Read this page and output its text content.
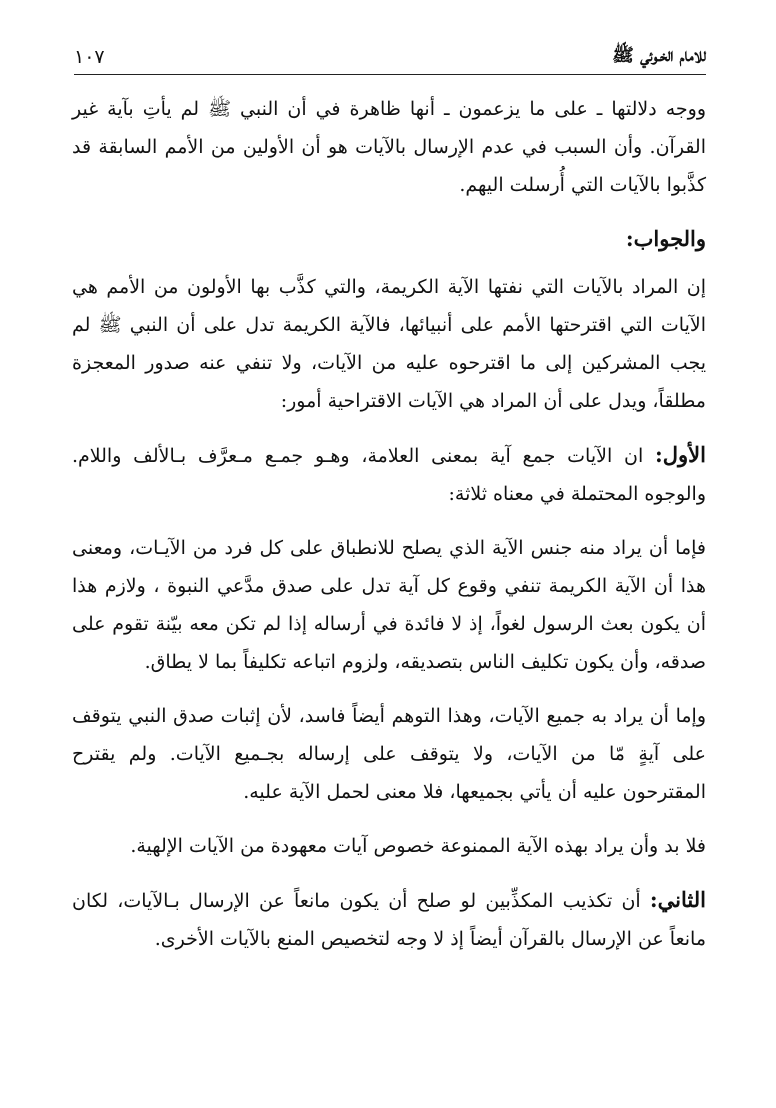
للامام الخـوئي ﷺ
١٠٧

ووجه دلالتها ـ على ما يزعمون ـ أنها ظاهرة في أن النبي ﷺ لم يأتِ بآية غير القرآن. وأن السبب في عدم الإرسال بالآيات هو أن الأولين من الأمم السابقة قد كذَّبوا بالآيات التي أُرسلت اليهم.

والجواب:

إن المراد بالآيات التي نفتها الآية الكريمة، والتي كذَّب بها الأولون من الأمم هي الآيات التي اقترحتها الأمم على أنبيائها، فالآية الكريمة تدل على أن النبي ﷺ لم يجب المشركين إلى ما اقترحوه عليه من الآيات، ولا تنفي عنه صدور المعجزة مطلقاً، ويدل على أن المراد هي الآيات الاقتراحية أمور:

الأول: ان الآيات جمع آية بمعنى العلامة، وهـو جمـع مـعرَّف بـالألف واللام. والوجوه المحتملة في معناه ثلاثة:

فإما أن يراد منه جنس الآية الذي يصلح للانطباق على كل فرد من الآيـات، ومعنى هذا أن الآية الكريمة تنفي وقوع كل آية تدل على صدق مدَّعي النبوة ، ولازم هذا أن يكون بعث الرسول لغواً، إذ لا فائدة في أرساله إذا لم تكن معه بيّنة تقوم على صدقه، وأن يكون تكليف الناس بتصديقه، ولزوم اتباعه تكليفاً بما لا يطاق.

وإما أن يراد به جميع الآيات، وهذا التوهم أيضاً فاسد، لأن إثبات صدق النبي يتوقف على آيةٍ مّا من الآيات، ولا يتوقف على إرساله بجـميع الآيات. ولم يقترح المقترحون عليه أن يأتي بجميعها، فلا معنى لحمل الآية عليه.

فلا بد وأن يراد بهذه الآية الممنوعة خصوص آيات معهودة من الآيات الإلهية.

الثاني: أن تكذيب المكذِّبين لو صلح أن يكون مانعاً عن الإرسال بـالآيات، لكان مانعاً عن الإرسال بالقرآن أيضاً إذ لا وجه لتخصيص المنع بالآيات الأخرى.
